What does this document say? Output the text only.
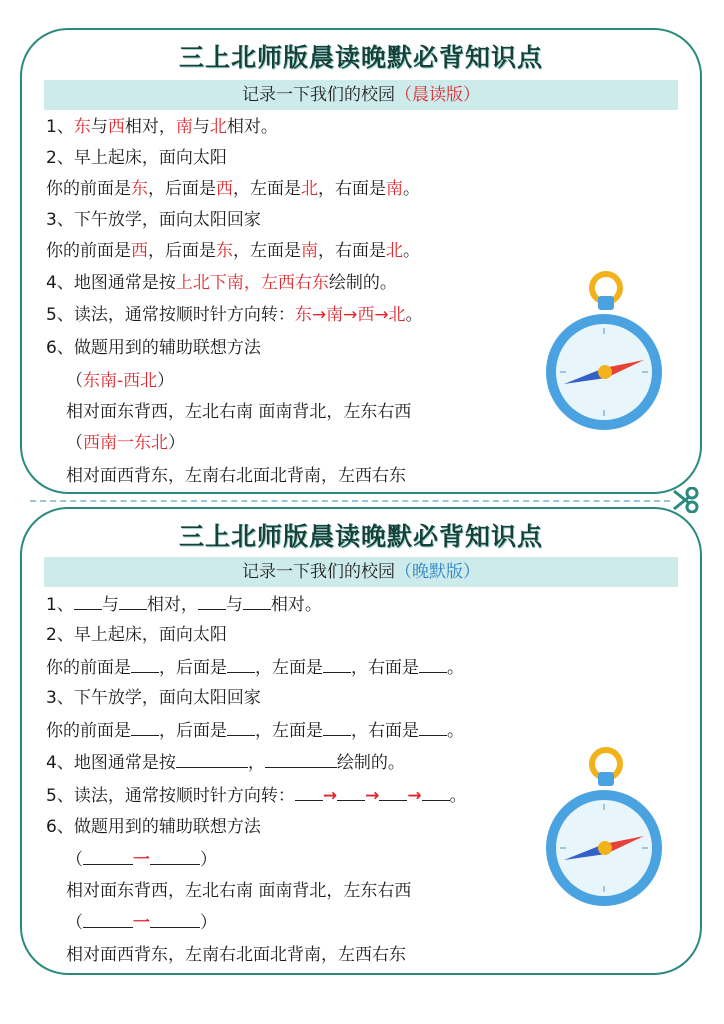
三上北师版晨读晚默必背知识点
记录一下我们的校园（晨读版）
1、东与西相对，南与北相对。
2、早上起床，面向太阳
你的前面是东，后面是西，左面是北，右面是南。
3、下午放学，面向太阳回家
你的前面是西，后面是东，左面是南，右面是北。
4、地图通常是按上北下南，左西右东绘制的。
5、读法，通常按顺时针方向转：东→南→西→北。
6、做题用到的辅助联想方法
（东南-西北）
相对面东背西，左北右南 面南背北，左东右西
（西南一东北）
相对面西背东，左南右北面北背南，左西右东
三上北师版晨读晚默必背知识点
记录一下我们的校园（晚默版）
1、 与 相对， 与 相对。
2、早上起床，面向太阳
你的前面是 ，后面是 ，左面是 ，右面是 。
3、下午放学，面向太阳回家
你的前面是 ，后面是 ，左面是 ，右面是 。
4、地图通常是按	，	绘制的。
5、读法，通常按顺时针方向转： → → → 。
6、做题用到的辅助联想方法
（	一	）
相对面东背西，左北右南 面南背北，左东右西
（	一	）
相对面西背东，左南右北面北背南，左西右东
